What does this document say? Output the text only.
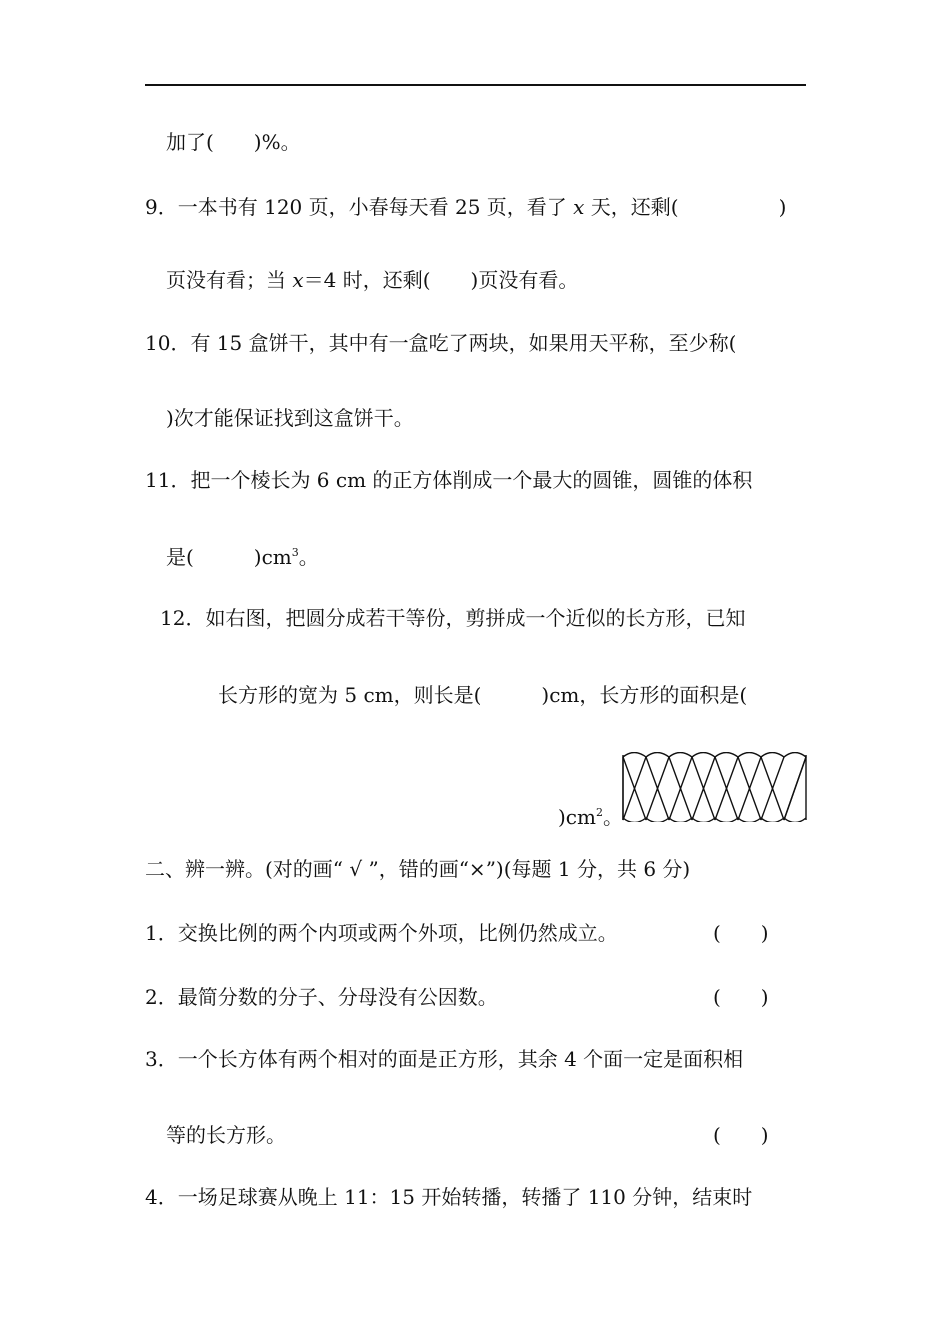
加了(　　)%。
9．一本书有 120 页，小春每天看 25 页，看了 x 天，还剩(　　　　　)
页没有看；当 x＝4 时，还剩(　　)页没有看。
10．有 15 盒饼干，其中有一盒吃了两块，如果用天平称，至少称(
)次才能保证找到这盒饼干。
11．把一个棱长为 6 cm 的正方体削成一个最大的圆锥，圆锥的体积
是(　　　)$cm^3$。
12．如右图，把圆分成若干等份，剪拼成一个近似的长方形，已知
长方形的宽为 5 cm，则长是(　　　)cm，长方形的面积是(
)$cm^2$。
二、辨一辨。(对的画“ √ ”，错的画“×”)(每题 1 分，共 6 分)
1．交换比例的两个内项或两个外项，比例仍然成立。	(　　)
2．最简分数的分子、分母没有公因数。	(　　)
3．一个长方体有两个相对的面是正方形，其余 4 个面一定是面积相
等的长方形。	(　　)
4．一场足球赛从晚上 11：15 开始转播，转播了 110 分钟，结束时
